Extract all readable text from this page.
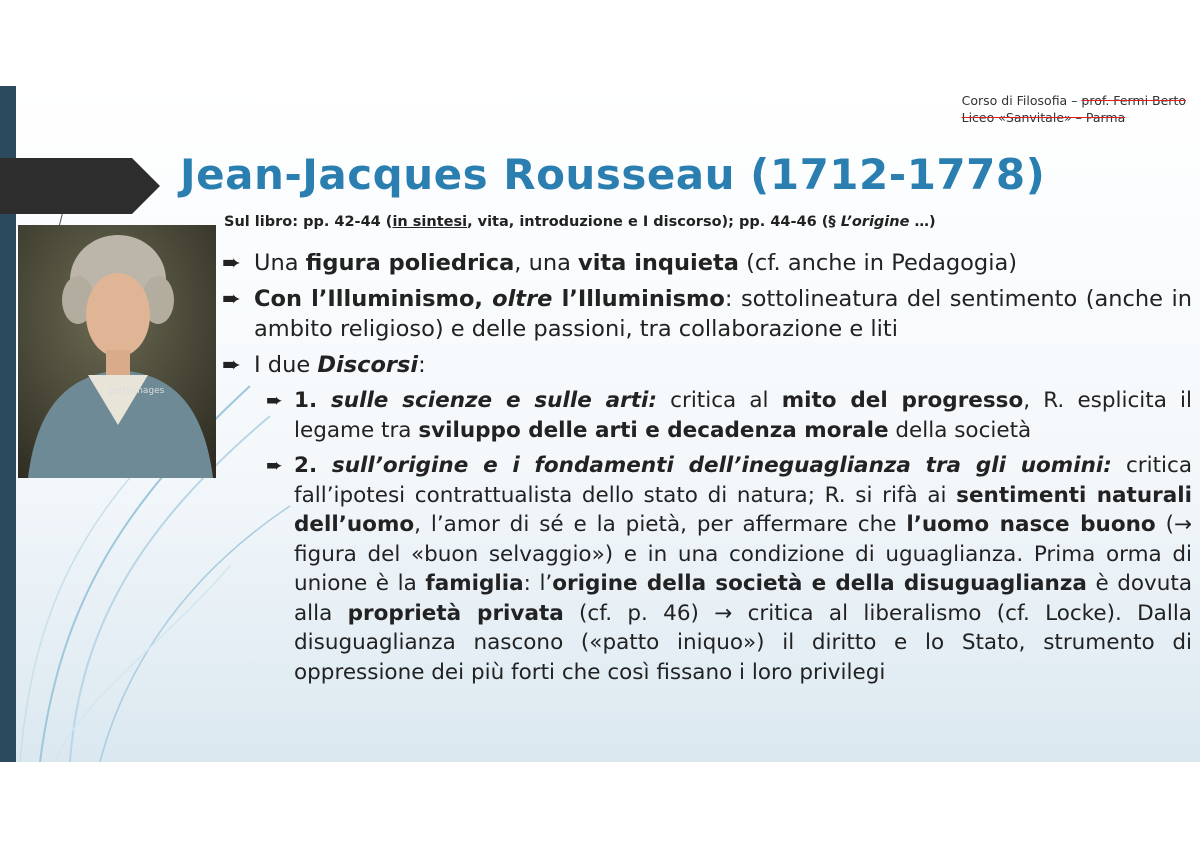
Corso di Filosofia – prof. Fermi Berto
Liceo «Sanvitale» – Parma
Jean-Jacques Rousseau (1712-1778)
Sul libro: pp. 42-44 (in sintesi, vita, introduzione e I discorso); pp. 44-46 (§ L’origine …)
gettyimages
➨ Una figura poliedrica, una vita inquieta (cf. anche in Pedagogia)
➨ Con l’Illuminismo, oltre l’Illuminismo: sottolineatura del sentimento (anche in ambito religioso) e delle passioni, tra collaborazione e liti
➨ I due Discorsi:
➨ 1. sulle scienze e sulle arti: critica al mito del progresso, R. esplicita il legame tra sviluppo delle arti e decadenza morale della società
➨ 2. sull’origine e i fondamenti dell’ineguaglianza tra gli uomini: critica fall’ipotesi contrattualista dello stato di natura; R. si rifà ai sentimenti naturali dell’uomo, l’amor di sé e la pietà, per affermare che l’uomo nasce buono (→ figura del «buon selvaggio») e in una condizione di uguaglianza. Prima orma di unione è la famiglia: l’origine della società e della disuguaglianza è dovuta alla proprietà privata (cf. p. 46) → critica al liberalismo (cf. Locke). Dalla disuguaglianza nascono («patto iniquo») il diritto e lo Stato, strumento di oppressione dei più forti che così fissano i loro privilegi
